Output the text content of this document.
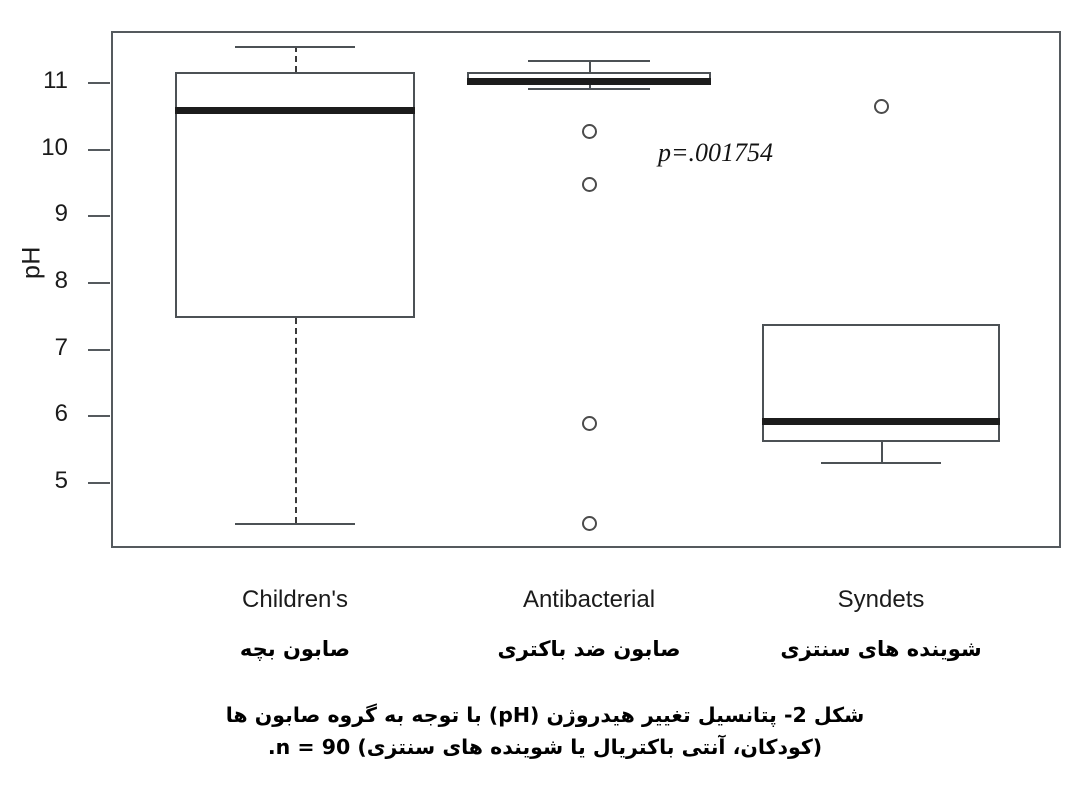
pH
11
10
9
8
7
6
5
Children's
صابون بچه
Antibacterial
صابون ضد باکتری
Syndets
شوینده های سنتزی
p=.001754
شکل 2- پتانسیل تغییر هیدروژن (pH) با توجه به گروه صابون ها
(کودکان، آنتی باکتریال یا شوینده های سنتزی) n = 90.
